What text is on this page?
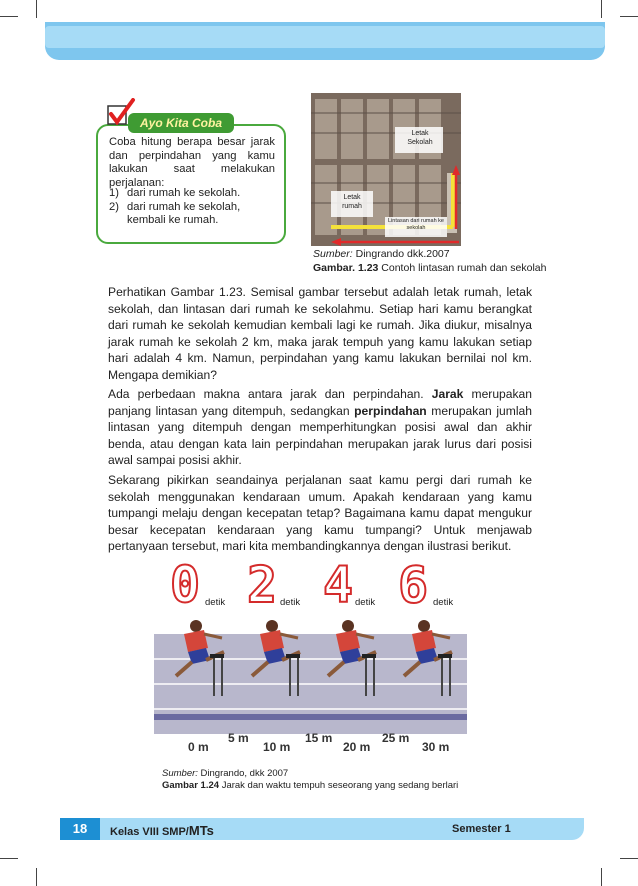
Ayo Kita Coba
Coba hitung berapa besar jarak dan perpindahan yang kamu lakukan saat melakukan perjalanan:
1) dari rumah ke sekolah.
2) dari rumah ke sekolah, kembali ke rumah.
Letak Sekolah
Letak rumah
Lintasan dari rumah ke sekolah
Sumber: Dingrando dkk.2007
Gambar. 1.23 Contoh lintasan rumah dan sekolah
Perhatikan Gambar 1.23. Semisal gambar tersebut adalah letak rumah, letak sekolah, dan lintasan dari rumah ke sekolahmu. Setiap hari kamu berangkat dari rumah ke sekolah kemudian kembali lagi ke rumah. Jika diukur, misalnya jarak rumah ke sekolah 2 km, maka jarak tempuh yang kamu lakukan setiap hari adalah 4 km. Namun, perpindahan yang kamu lakukan bernilai nol km. Mengapa demikian?
Ada perbedaan makna antara jarak dan perpindahan. Jarak merupakan panjang lintasan yang ditempuh, sedangkan perpindahan merupakan jumlah lintasan yang ditempuh dengan memperhitungkan posisi awal dan akhir benda, atau dengan kata lain perpindahan merupakan jarak lurus dari posisi awal sampai posisi akhir.
Sekarang pikirkan seandainya perjalanan saat kamu pergi dari rumah ke sekolah menggunakan kendaraan umum. Apakah kendaraan yang kamu tumpangi melaju dengan kecepatan tetap? Bagaimana kamu dapat mengukur besar kecepatan kendaraan yang kamu tumpangi? Untuk menjawab pertanyaan tersebut, mari kita membandingkannya dengan ilustrasi berikut.
0 detik 2 detik 4 detik 6 detik
0 m
5 m
10 m
15 m
20 m
25 m
30 m
Sumber: Dingrando, dkk 2007
Gambar 1.24 Jarak dan waktu tempuh seseorang yang sedang berlari
18	Kelas VIII SMP/MTs	Semester 1
